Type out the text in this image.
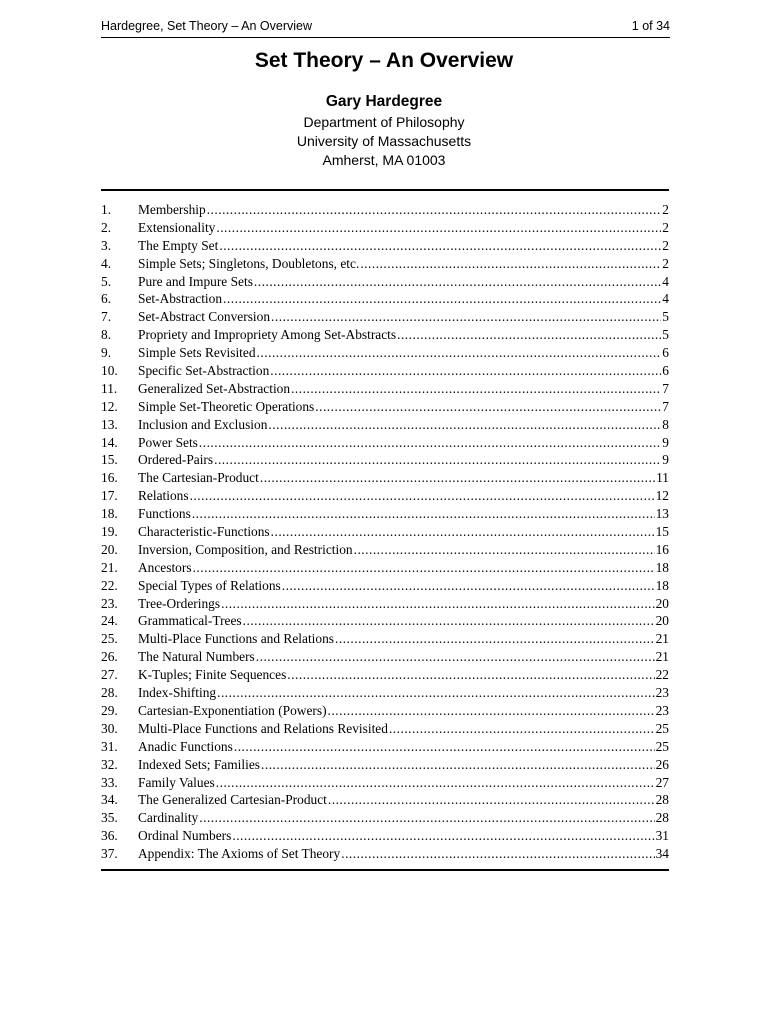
Hardegree, Set Theory – An Overview	1 of 34
Set Theory – An Overview
Gary Hardegree
Department of Philosophy
University of Massachusetts
Amherst, MA 01003
1.	Membership .....	2
2.	Extensionality .....	2
3.	The Empty Set .....	2
4.	Simple Sets; Singletons, Doubletons, etc. .....	2
5.	Pure and Impure Sets .....	4
6.	Set-Abstraction .....	4
7.	Set-Abstract Conversion .....	5
8.	Propriety and Impropriety Among Set-Abstracts .....	5
9.	Simple Sets Revisited .....	6
10.	Specific Set-Abstraction .....	6
11.	Generalized Set-Abstraction .....	7
12.	Simple Set-Theoretic Operations .....	7
13.	Inclusion and Exclusion .....	8
14.	Power Sets .....	9
15.	Ordered-Pairs .....	9
16.	The Cartesian-Product .....	11
17.	Relations .....	12
18.	Functions .....	13
19.	Characteristic-Functions .....	15
20.	Inversion, Composition, and Restriction .....	16
21.	Ancestors .....	18
22.	Special Types of Relations .....	18
23.	Tree-Orderings .....	20
24.	Grammatical-Trees .....	20
25.	Multi-Place Functions and Relations .....	21
26.	The Natural Numbers .....	21
27.	K-Tuples; Finite Sequences .....	22
28.	Index-Shifting .....	23
29.	Cartesian-Exponentiation (Powers) .....	23
30.	Multi-Place Functions and Relations Revisited .....	25
31.	Anadic Functions .....	25
32.	Indexed Sets; Families .....	26
33.	Family Values .....	27
34.	The Generalized Cartesian-Product .....	28
35.	Cardinality .....	28
36.	Ordinal Numbers .....	31
37.	Appendix: The Axioms of Set Theory .....	34
